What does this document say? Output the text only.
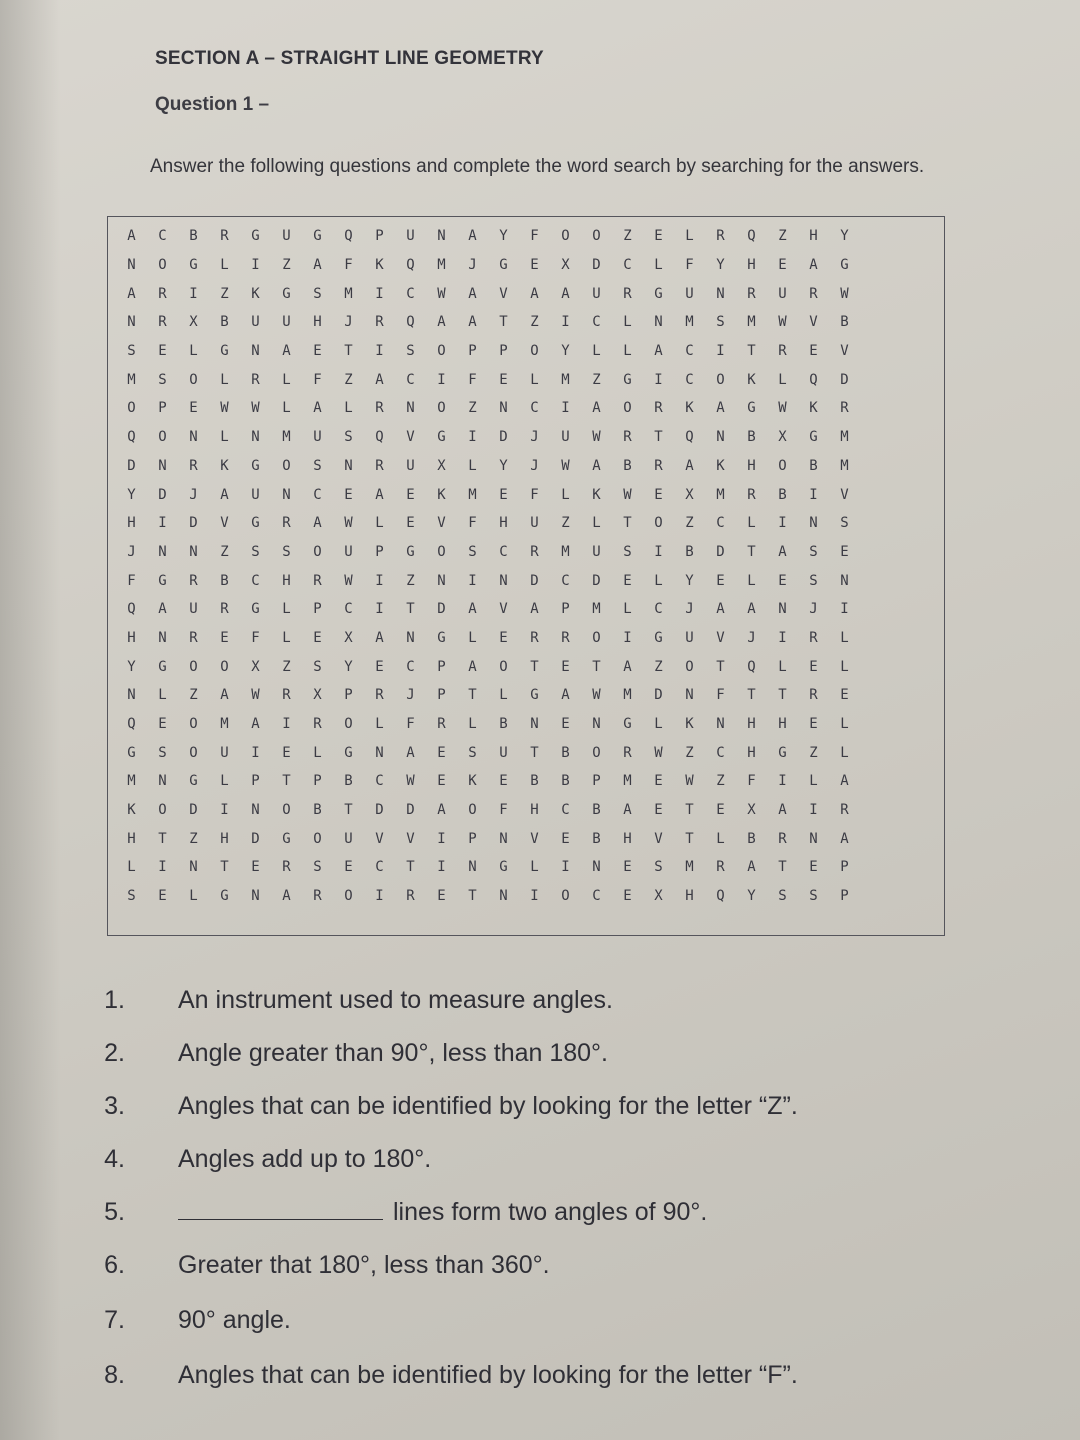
SECTION A – STRAIGHT LINE GEOMETRY
Question 1 –
Answer the following questions and complete the word search by searching for the answers.
A	C	B	R	G	U	G	Q	P	U	N	A	Y	F	O	O	Z	E	L	R	Q	Z	H	Y
N	O	G	L	I	Z	A	F	K	Q	M	J	G	E	X	D	C	L	F	Y	H	E	A	G
A	R	I	Z	K	G	S	M	I	C	W	A	V	A	A	U	R	G	U	N	R	U	R	W
N	R	X	B	U	U	H	J	R	Q	A	A	T	Z	I	C	L	N	M	S	M	W	V	B
S	E	L	G	N	A	E	T	I	S	O	P	P	O	Y	L	L	A	C	I	T	R	E	V
M	S	O	L	R	L	F	Z	A	C	I	F	E	L	M	Z	G	I	C	O	K	L	Q	D
O	P	E	W	W	L	A	L	R	N	O	Z	N	C	I	A	O	R	K	A	G	W	K	R
Q	O	N	L	N	M	U	S	Q	V	G	I	D	J	U	W	R	T	Q	N	B	X	G	M
D	N	R	K	G	O	S	N	R	U	X	L	Y	J	W	A	B	R	A	K	H	O	B	M
Y	D	J	A	U	N	C	E	A	E	K	M	E	F	L	K	W	E	X	M	R	B	I	V
H	I	D	V	G	R	A	W	L	E	V	F	H	U	Z	L	T	O	Z	C	L	I	N	S
J	N	N	Z	S	S	O	U	P	G	O	S	C	R	M	U	S	I	B	D	T	A	S	E
F	G	R	B	C	H	R	W	I	Z	N	I	N	D	C	D	E	L	Y	E	L	E	S	N
Q	A	U	R	G	L	P	C	I	T	D	A	V	A	P	M	L	C	J	A	A	N	J	I
H	N	R	E	F	L	E	X	A	N	G	L	E	R	R	O	I	G	U	V	J	I	R	L
Y	G	O	O	X	Z	S	Y	E	C	P	A	O	T	E	T	A	Z	O	T	Q	L	E	L
N	L	Z	A	W	R	X	P	R	J	P	T	L	G	A	W	M	D	N	F	T	T	R	E
Q	E	O	M	A	I	R	O	L	F	R	L	B	N	E	N	G	L	K	N	H	H	E	L
G	S	O	U	I	E	L	G	N	A	E	S	U	T	B	O	R	W	Z	C	H	G	Z	L
M	N	G	L	P	T	P	B	C	W	E	K	E	B	B	P	M	E	W	Z	F	I	L	A
K	O	D	I	N	O	B	T	D	D	A	O	F	H	C	B	A	E	T	E	X	A	I	R
H	T	Z	H	D	G	O	U	V	V	I	P	N	V	E	B	H	V	T	L	B	R	N	A
L	I	N	T	E	R	S	E	C	T	I	N	G	L	I	N	E	S	M	R	A	T	E	P
S	E	L	G	N	A	R	O	I	R	E	T	N	I	O	C	E	X	H	Q	Y	S	S	P
1. An instrument used to measure angles.
2. Angle greater than 90°, less than 180°.
3. Angles that can be identified by looking for the letter “Z”.
4. Angles add up to 180°.
5.	lines form two angles of 90°.
6. Greater that 180°, less than 360°.
7. 90° angle.
8. Angles that can be identified by looking for the letter “F”.
